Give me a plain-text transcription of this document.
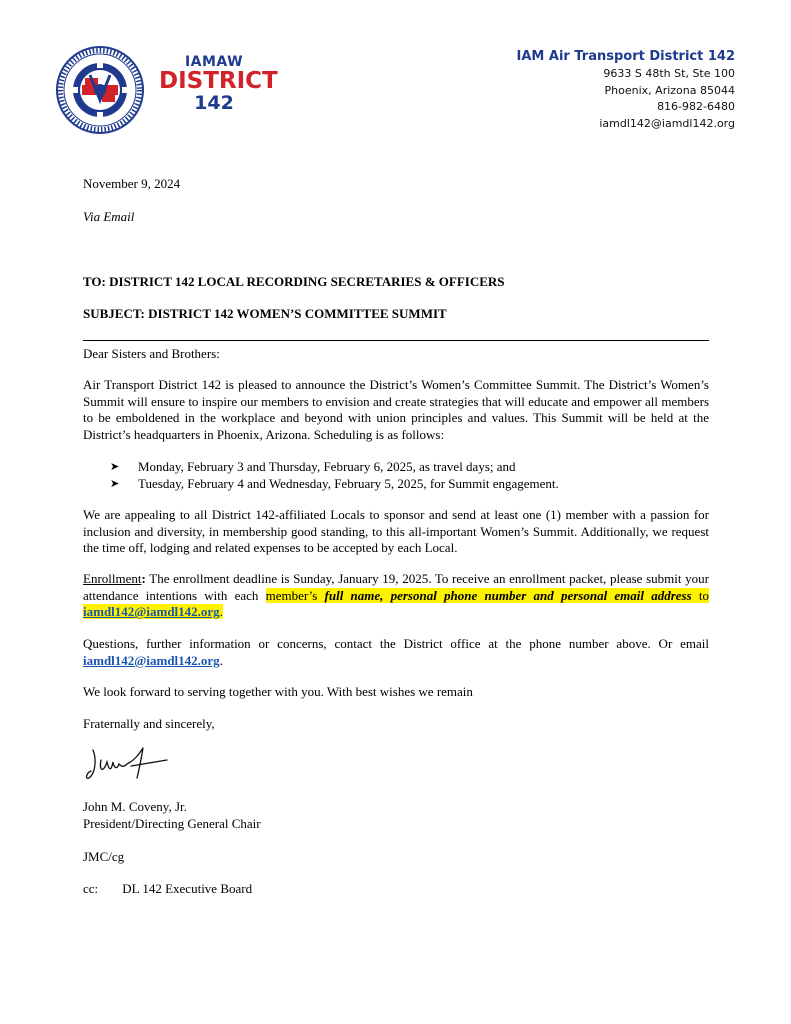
IAMAW
DISTRICT
142
IAM Air Transport District 142
9633 S 48th St, Ste 100
Phoenix, Arizona 85044
816-982-6480
iamdl142@iamdl142.org
November 9, 2024
Via Email
TO: DISTRICT 142 LOCAL RECORDING SECRETARIES & OFFICERS
SUBJECT: DISTRICT 142 WOMEN’S COMMITTEE SUMMIT
Dear Sisters and Brothers:
Air Transport District 142 is pleased to announce the District’s Women’s Committee Summit. The District’s Women’s Summit will ensure to inspire our members to envision and create strategies that will educate and empower all members to be emboldened in the workplace and beyond with union principles and values. This Summit will be held at the District’s headquarters in Phoenix, Arizona. Scheduling is as follows:
➤	Monday, February 3 and Thursday, February 6, 2025, as travel days; and
➤	Tuesday, February 4 and Wednesday, February 5, 2025, for Summit engagement.
We are appealing to all District 142-affiliated Locals to sponsor and send at least one (1) member with a passion for inclusion and diversity, in membership good standing, to this all-important Women’s Summit. Additionally, we request the time off, lodging and related expenses to be accepted by each Local.
Enrollment: The enrollment deadline is Sunday, January 19, 2025. To receive an enrollment packet, please submit your attendance intentions with each member’s full name, personal phone number and personal email address to iamdl142@iamdl142.org.
Questions, further information or concerns, contact the District office at the phone number above. Or email iamdl142@iamdl142.org.
We look forward to serving together with you. With best wishes we remain
Fraternally and sincerely,
John M. Coveny, Jr.
President/Directing General Chair
JMC/cg
cc: DL 142 Executive Board
